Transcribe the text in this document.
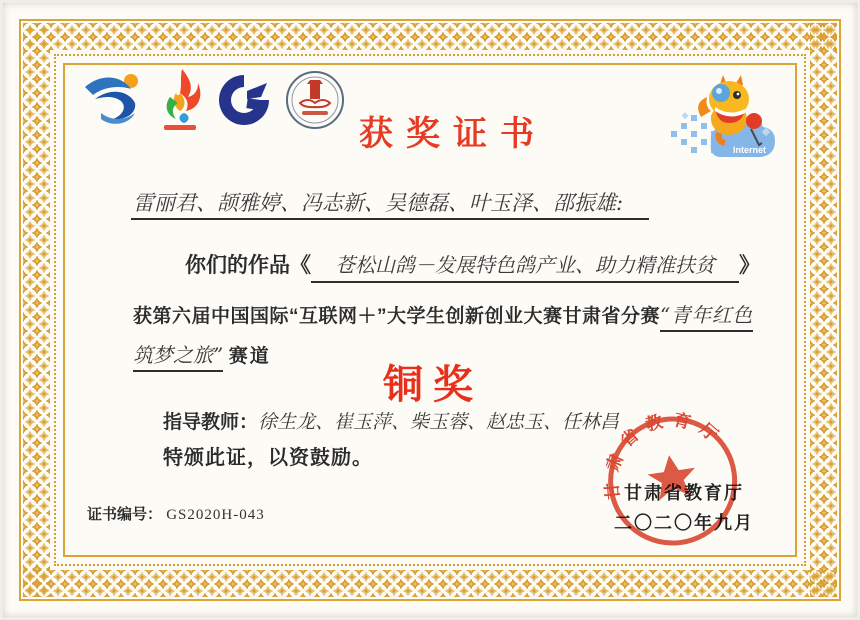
获奖证书	Internet
雷丽君、颉雅婷、冯志新、吴德磊、叶玉泽、邵振雄:
你们的作品《 苍松山鸽－发展特色鸽产业、助力精准扶贫 》
获第六届中国国际“互联网＋”大学生创新创业大赛甘肃省分赛“青年红色
筑梦之旅” 赛道
铜奖
指导教师：徐生龙、崔玉萍、柴玉蓉、赵忠玉、任林昌
特颁此证，以资鼓励。
证书编号： GS2020H-043
甘肃省教育厅
二〇二〇年九月
甘肃省教育厅
